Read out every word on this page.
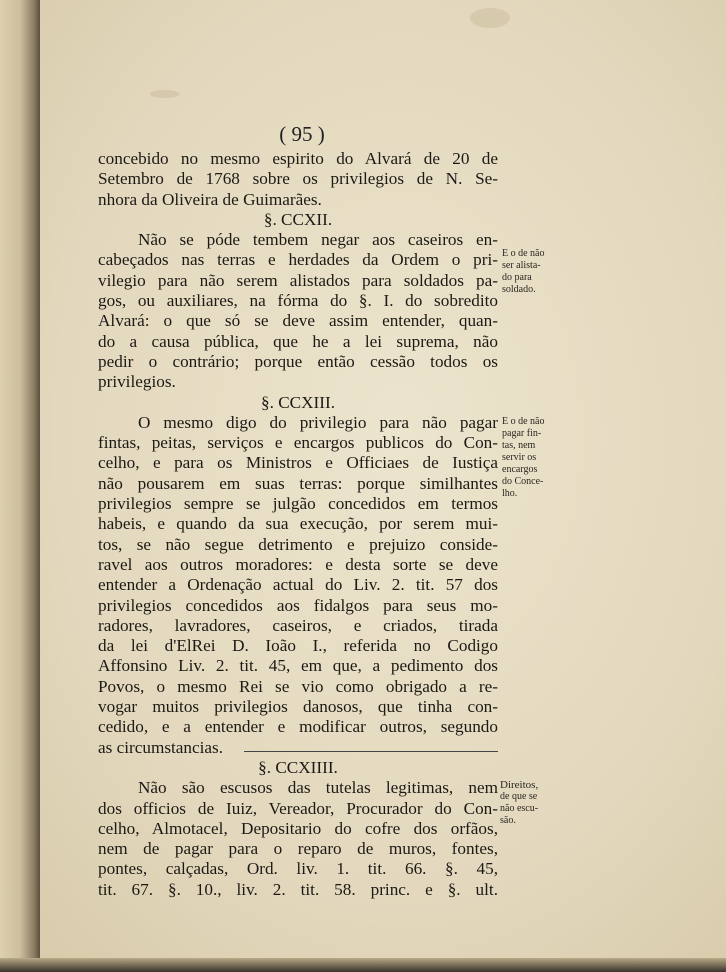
( 95 )
concebido no mesmo espirito do Alvará de 20 de
Setembro de 1768 sobre os privilegios de N. Se-
nhora da Oliveira de Guimarães.
§. CCXII.
Não se póde tembem negar aos caseiros en-
cabeçados nas terras e herdades da Ordem o pri-
vilegio para não serem alistados para soldados pa-
gos, ou auxiliares, na fórma do §. I. do sobredito
Alvará: o que só se deve assim entender, quan-
do a causa pública, que he a lei suprema, não
pedir o contrário; porque então cessão todos os
privilegios.
§. CCXIII.
O mesmo digo do privilegio para não pagar
fintas, peitas, serviços e encargos publicos do Con-
celho, e para os Ministros e Officiaes de Iustiça
não pousarem em suas terras: porque similhantes
privilegios sempre se julgão concedidos em termos
habeis, e quando da sua execução, por serem mui-
tos, se não segue detrimento e prejuizo conside-
ravel aos outros moradores: e desta sorte se deve
entender a Ordenação actual do Liv. 2. tit. 57 dos
privilegios concedidos aos fidalgos para seus mo-
radores, lavradores, caseiros, e criados, tirada
da lei d'ElRei D. Ioão I., referida no Codigo
Affonsino Liv. 2. tit. 45, em que, a pedimento dos
Povos, o mesmo Rei se vio como obrigado a re-
vogar muitos privilegios danosos, que tinha con-
cedido, e a entender e modificar outros, segundo
as circumstancias.
§. CCXIIII.
Não são escusos das tutelas legitimas, nem
dos officios de Iuiz, Vereador, Procurador do Con-
celho, Almotacel, Depositario do cofre dos orfãos,
nem de pagar para o reparo de muros, fontes,
pontes, calçadas, Ord. liv. 1. tit. 66. §. 45,
tit. 67. §. 10., liv. 2. tit. 58. princ. e §. ult.
E o de não
ser alista-
do para
soldado.
E o de não
pagar fin-
tas, nem
servir os
encargos
do Conce-
lho.
Direitos,
de que se
não escu-
são.
